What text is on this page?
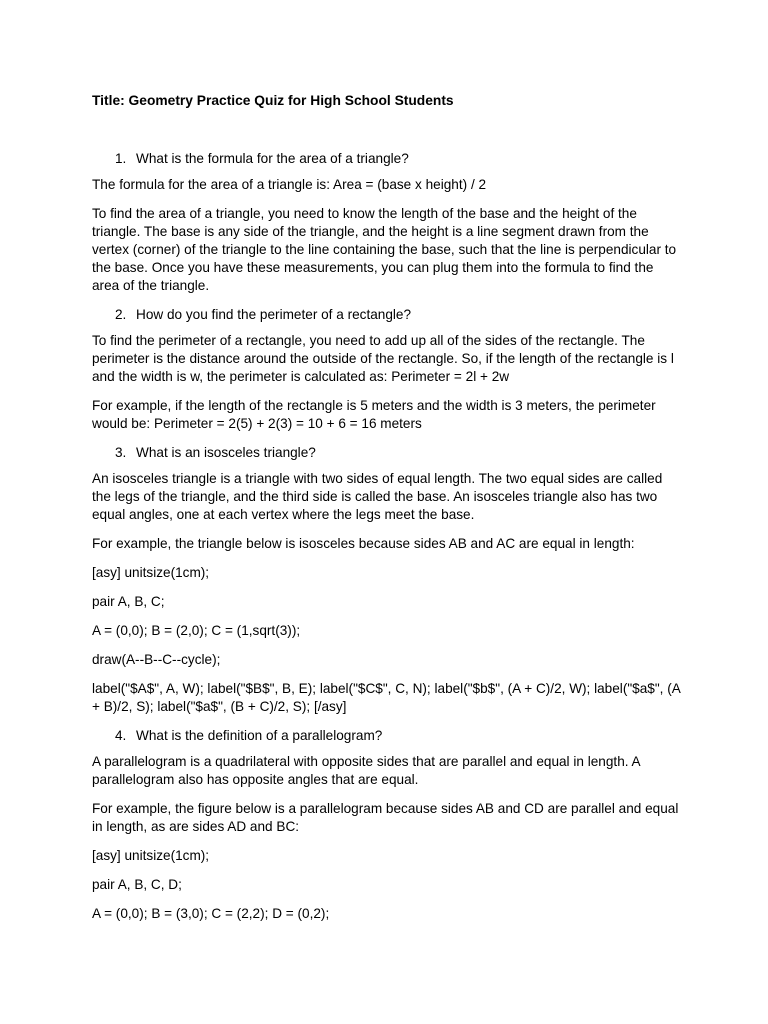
Title: Geometry Practice Quiz for High School Students

1. What is the formula for the area of a triangle?

The formula for the area of a triangle is: Area = (base x height) / 2

To find the area of a triangle, you need to know the length of the base and the height of the triangle. The base is any side of the triangle, and the height is a line segment drawn from the vertex (corner) of the triangle to the line containing the base, such that the line is perpendicular to the base. Once you have these measurements, you can plug them into the formula to find the area of the triangle.

2. How do you find the perimeter of a rectangle?

To find the perimeter of a rectangle, you need to add up all of the sides of the rectangle. The perimeter is the distance around the outside of the rectangle. So, if the length of the rectangle is l and the width is w, the perimeter is calculated as: Perimeter = 2l + 2w

For example, if the length of the rectangle is 5 meters and the width is 3 meters, the perimeter would be: Perimeter = 2(5) + 2(3) = 10 + 6 = 16 meters

3. What is an isosceles triangle?

An isosceles triangle is a triangle with two sides of equal length. The two equal sides are called the legs of the triangle, and the third side is called the base. An isosceles triangle also has two equal angles, one at each vertex where the legs meet the base.

For example, the triangle below is isosceles because sides AB and AC are equal in length:

[asy] unitsize(1cm);

pair A, B, C;

A = (0,0); B = (2,0); C = (1,sqrt(3));

draw(A--B--C--cycle);

label("$A$", A, W); label("$B$", B, E); label("$C$", C, N); label("$b$", (A + C)/2, W); label("$a$", (A + B)/2, S); label("$a$", (B + C)/2, S); [/asy]

4. What is the definition of a parallelogram?

A parallelogram is a quadrilateral with opposite sides that are parallel and equal in length. A parallelogram also has opposite angles that are equal.

For example, the figure below is a parallelogram because sides AB and CD are parallel and equal in length, as are sides AD and BC:

[asy] unitsize(1cm);

pair A, B, C, D;

A = (0,0); B = (3,0); C = (2,2); D = (0,2);
